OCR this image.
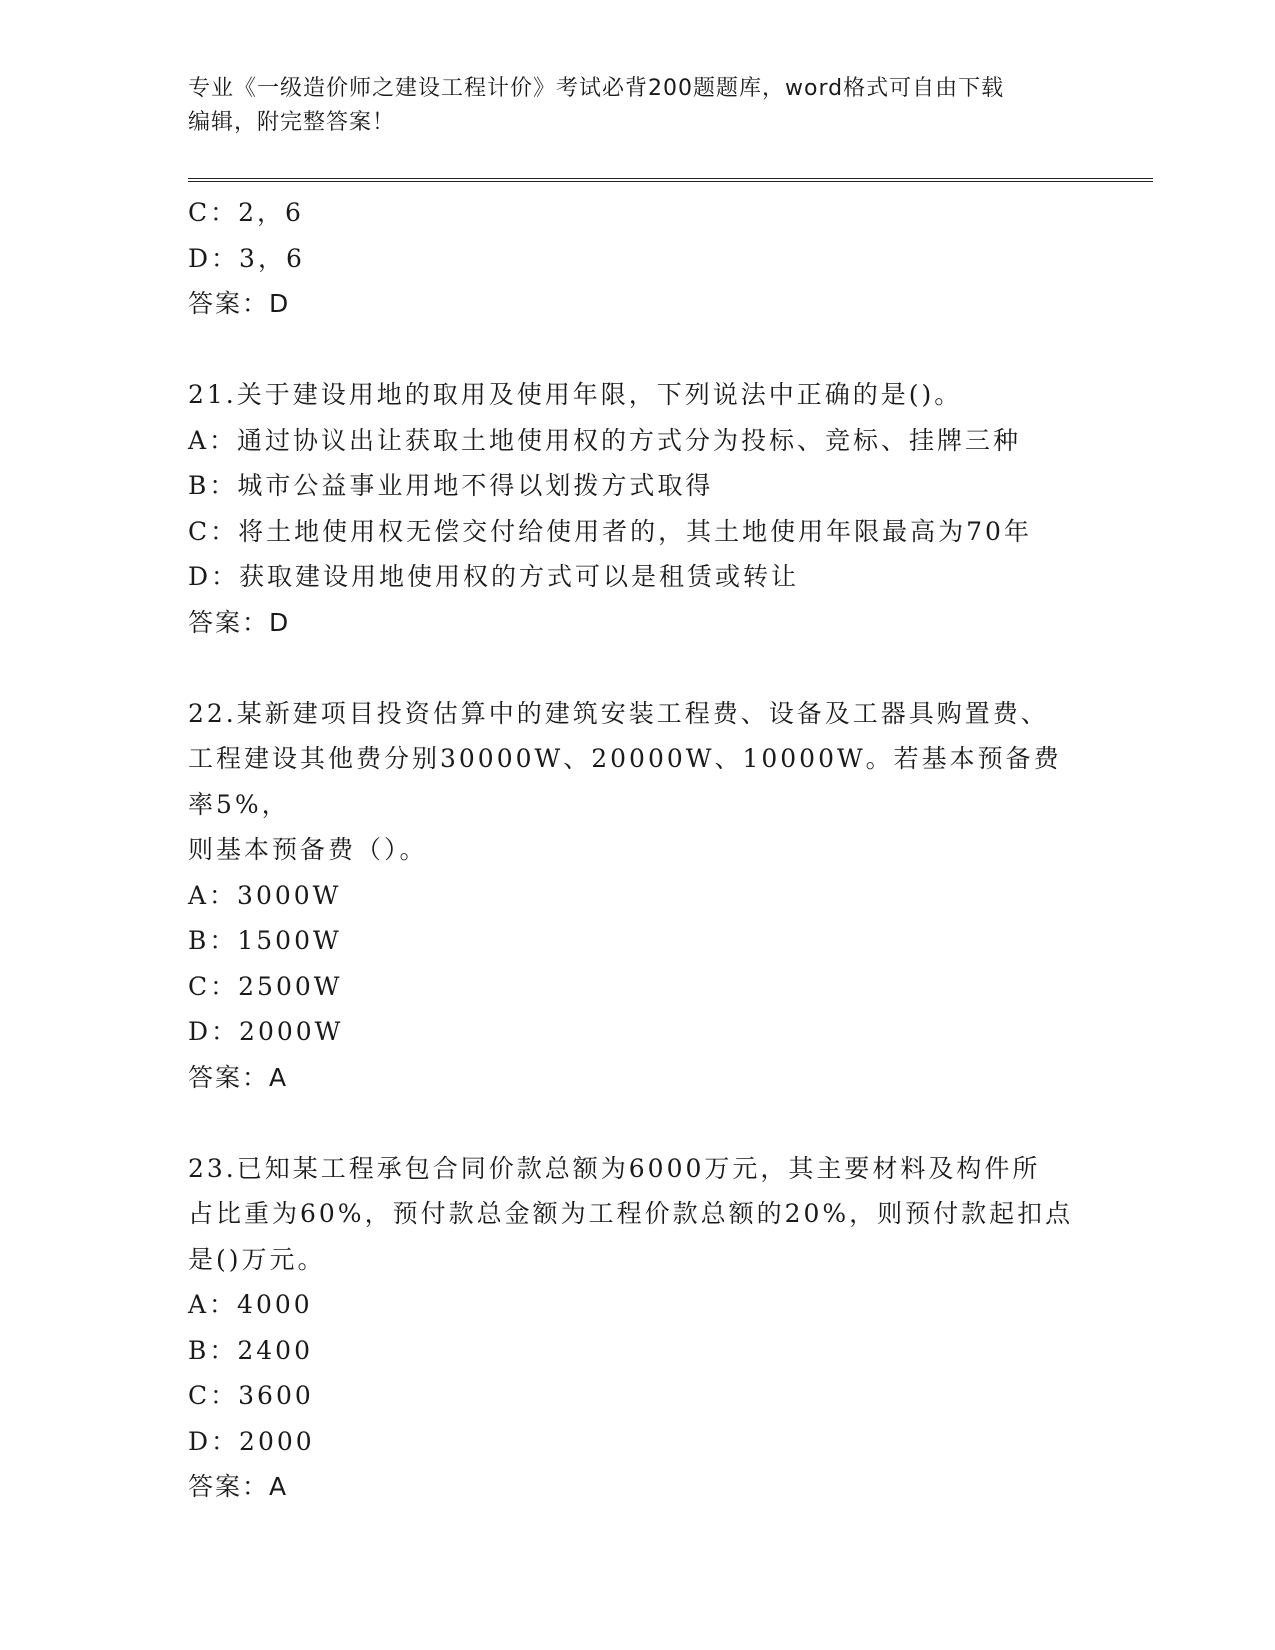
专业《一级造价师之建设工程计价》考试必背200题题库，word格式可自由下载
编辑，附完整答案！
C：2，6
D：3，6
答案：D
21.关于建设用地的取用及使用年限，下列说法中正确的是()。
A：通过协议出让获取土地使用权的方式分为投标、竞标、挂牌三种
B：城市公益事业用地不得以划拨方式取得
C：将土地使用权无偿交付给使用者的，其土地使用年限最高为70年
D：获取建设用地使用权的方式可以是租赁或转让
答案：D
22.某新建项目投资估算中的建筑安装工程费、设备及工器具购置费、
工程建设其他费分别30000W、20000W、10000W。若基本预备费率5%，
则基本预备费（）。
A：3000W
B：1500W
C：2500W
D：2000W
答案：A
23.已知某工程承包合同价款总额为6000万元，其主要材料及构件所
占比重为60%，预付款总金额为工程价款总额的20%，则预付款起扣点
是()万元。
A：4000
B：2400
C：3600
D：2000
答案：A
